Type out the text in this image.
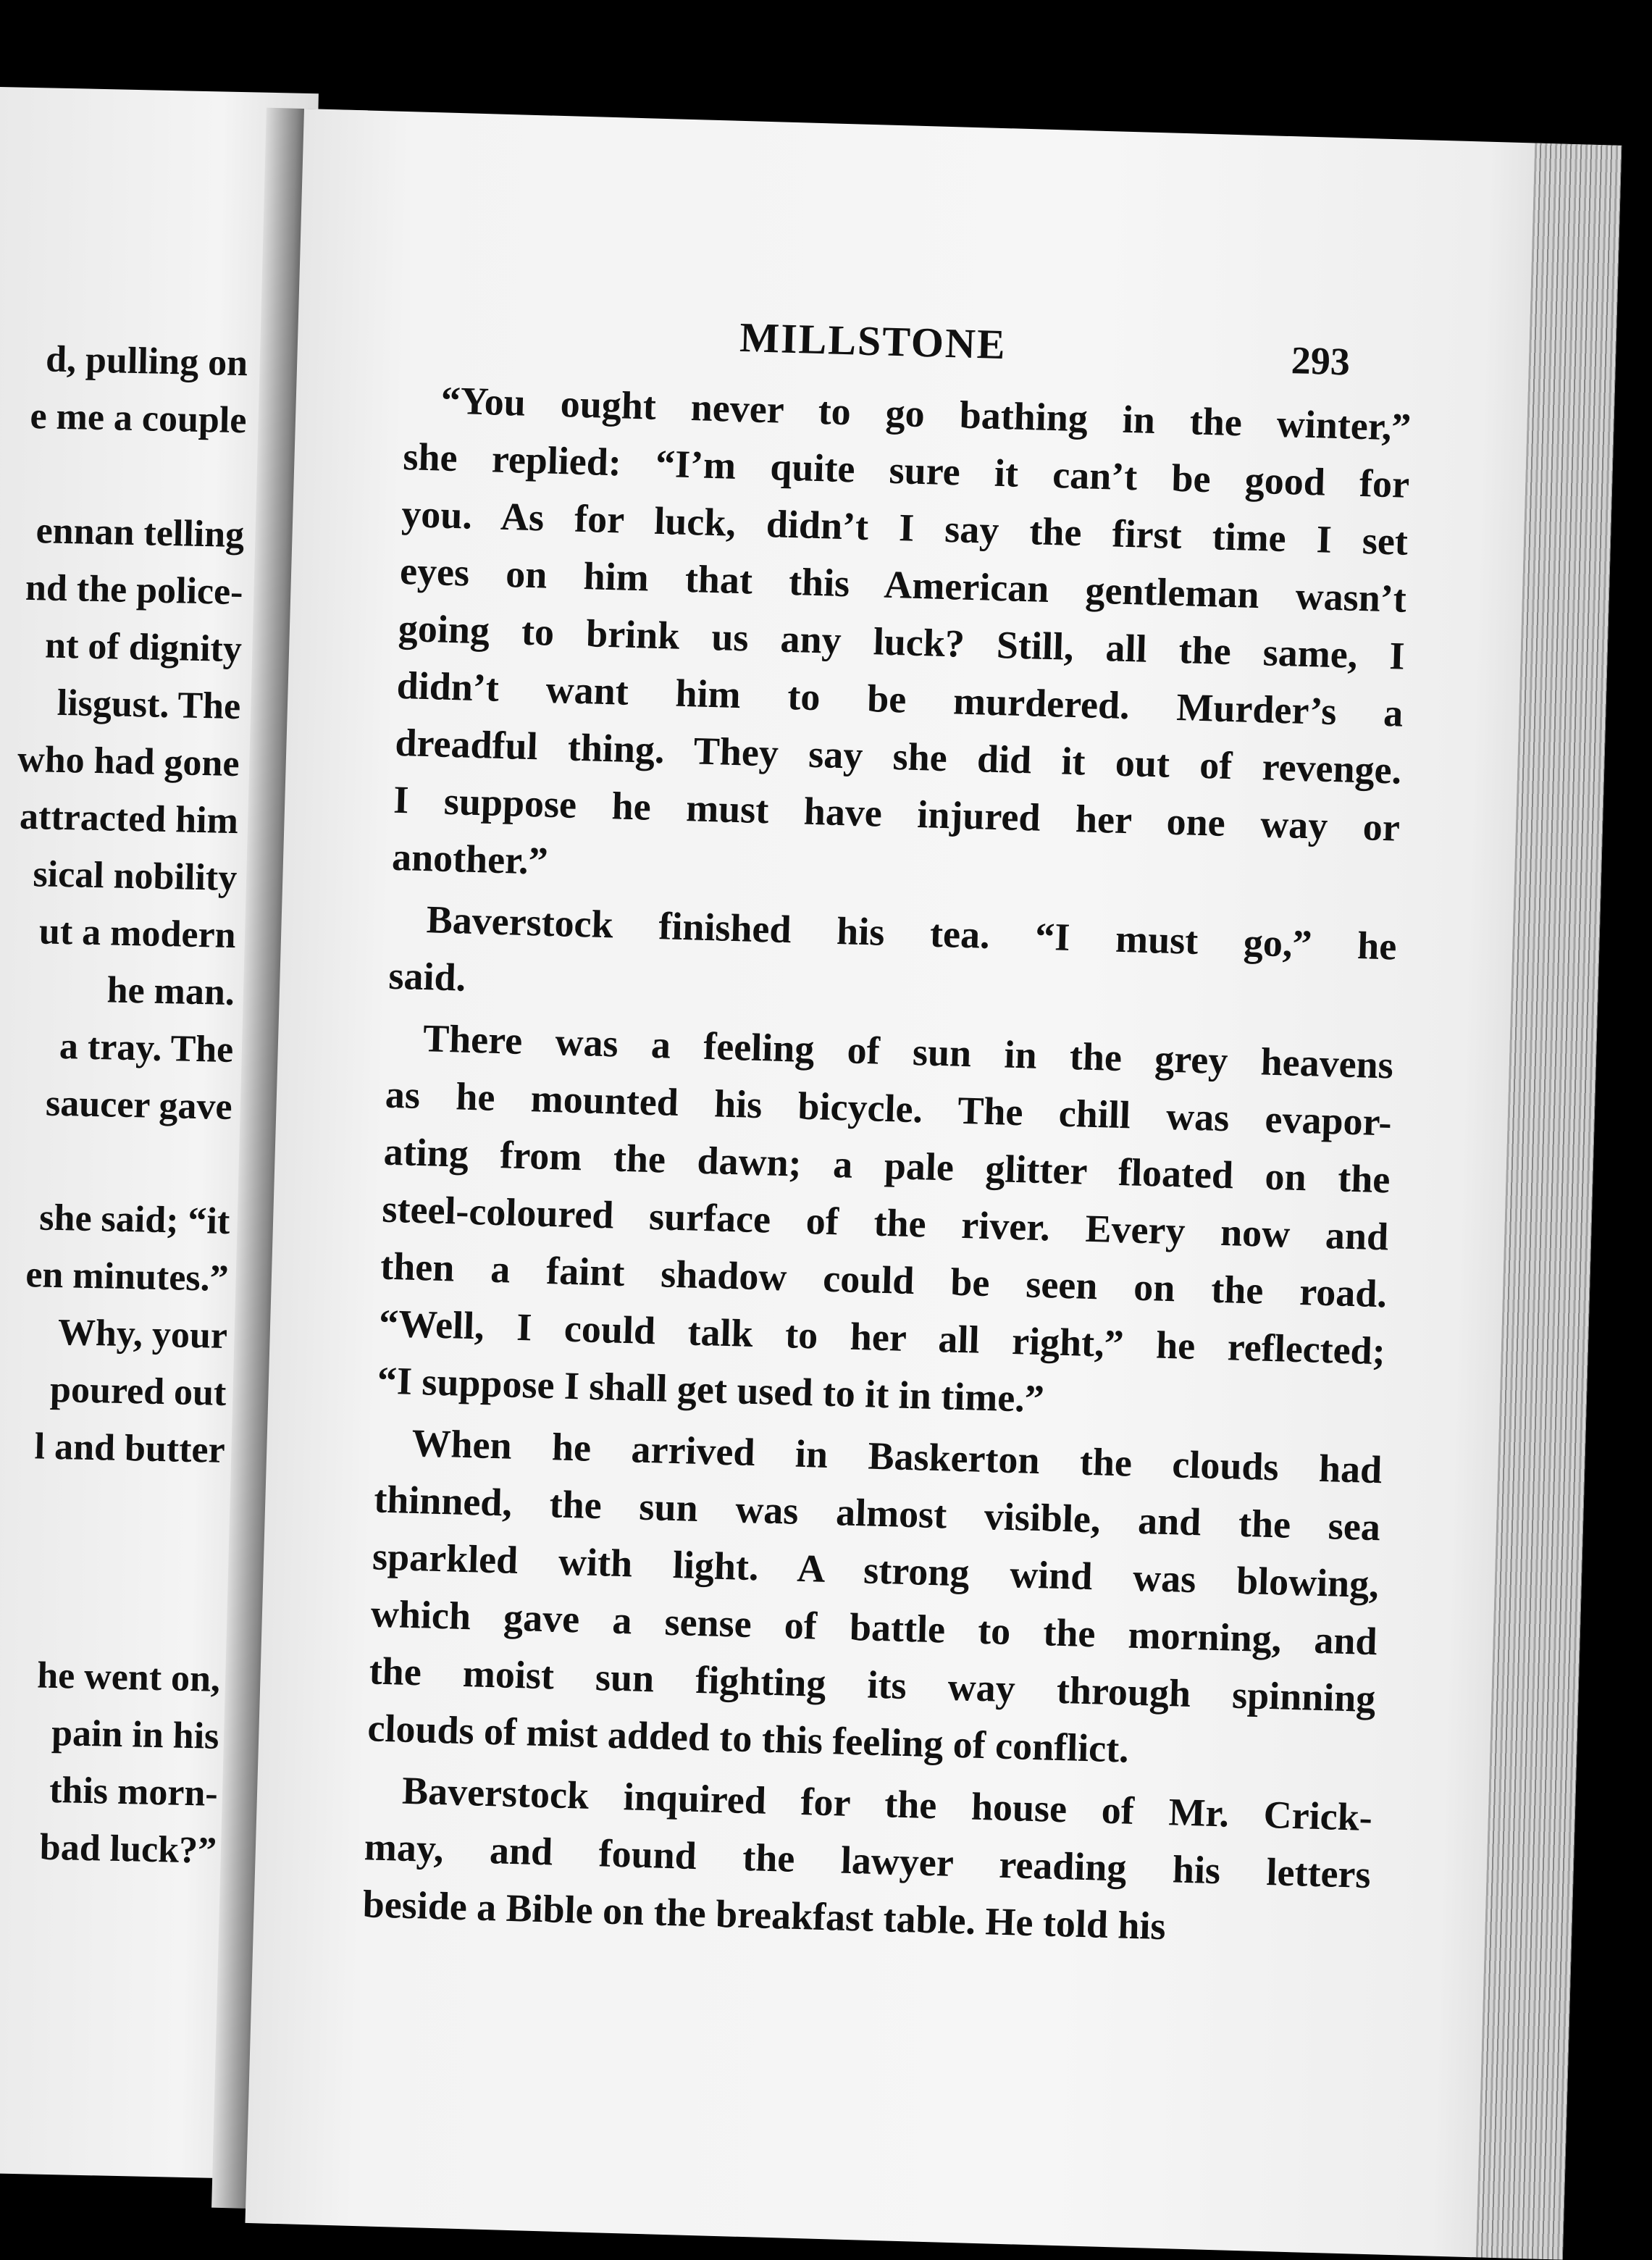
d, pulling on
e me a couple
ennan telling
nd the police-
nt of dignity
lisgust. The
who had gone
attracted him
sical nobility
ut a modern
he man.
a tray. The
saucer gave
she said; “it
en minutes.”
Why, your
poured out
l and butter
he went on,
pain in his
this morn-
bad luck?”
MILLSTONE	293
“You ought never to go bathing in the winter,”
she replied: “I’m quite sure it can’t be good for
you. As for luck, didn’t I say the first time I set
eyes on him that this American gentleman wasn’t
going to brink us any luck? Still, all the same, I
didn’t want him to be murdered. Murder’s a
dreadful thing. They say she did it out of revenge.
I suppose he must have injured her one way or
another.”
Baverstock finished his tea. “I must go,” he
said.
There was a feeling of sun in the grey heavens
as he mounted his bicycle. The chill was evapor-
ating from the dawn; a pale glitter floated on the
steel-coloured surface of the river. Every now and
then a faint shadow could be seen on the road.
“Well, I could talk to her all right,” he reflected;
“I suppose I shall get used to it in time.”
When he arrived in Baskerton the clouds had
thinned, the sun was almost visible, and the sea
sparkled with light. A strong wind was blowing,
which gave a sense of battle to the morning, and
the moist sun fighting its way through spinning
clouds of mist added to this feeling of conflict.
Baverstock inquired for the house of Mr. Crick-
may, and found the lawyer reading his letters
beside a Bible on the breakfast table. He told his
